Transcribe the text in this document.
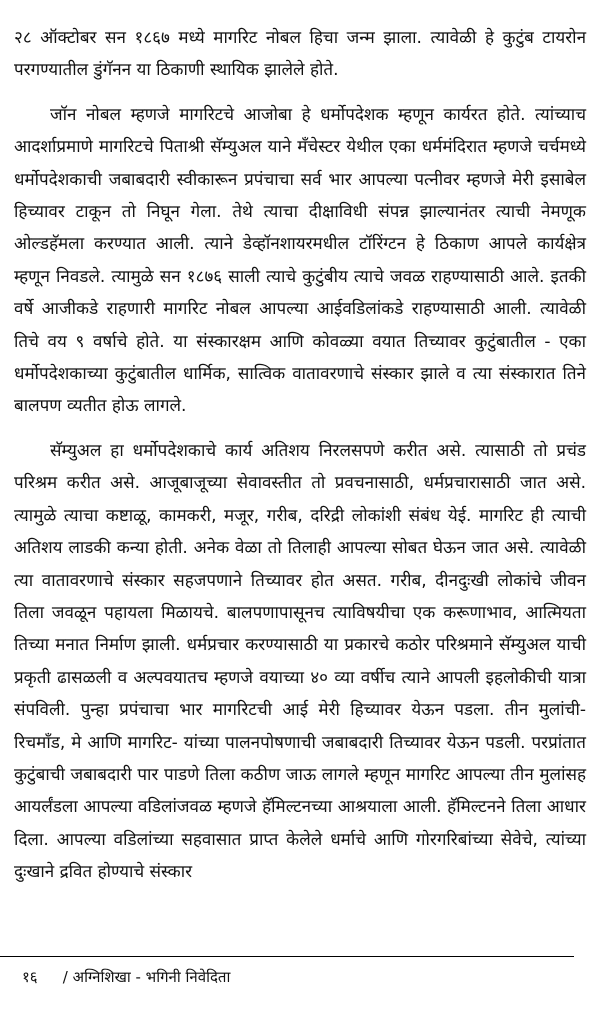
२८ ऑक्टोबर सन १८६७ मध्ये मागरिट नोबल हिचा जन्म झाला. त्यावेळी हे कुटुंब टायरोन परगण्यातील डुंगॅनन या ठिकाणी स्थायिक झालेले होते.

जॉन नोबल म्हणजे मागरिटचे आजोबा हे धर्मोपदेशक म्हणून कार्यरत होते. त्यांच्याच आदर्शाप्रमाणे मागरिटचे पिताश्री सॅम्युअल याने मॅंचेस्टर येथील एका धर्ममंदिरात म्हणजे चर्चमध्ये धर्मोपदेशकाची जबाबदारी स्वीकारून प्रपंचाचा सर्व भार आपल्या पत्नीवर म्हणजे मेरी इसाबेल हिच्यावर टाकून तो निघून गेला. तेथे त्याचा दीक्षाविधी संपन्न झाल्यानंतर त्याची नेमणूक ओल्डहॅमला करण्यात आली. त्याने डेव्हॉनशायरमधील टॉरिंग्टन हे ठिकाण आपले कार्यक्षेत्र म्हणून निवडले. त्यामुळे सन १८७६ साली त्याचे कुटुंबीय त्याचे जवळ राहण्यासाठी आले. इतकी वर्षे आजीकडे राहणारी मागरिट नोबल आपल्या आईवडिलांकडे राहण्यासाठी आली. त्यावेळी तिचे वय ९ वर्षाचे होते. या संस्कारक्षम आणि कोवळ्या वयात तिच्यावर कुटुंबातील - एका धर्मोपदेशकाच्या कुटुंबातील धार्मिक, सात्विक वातावरणाचे संस्कार झाले व त्या संस्कारात तिने बालपण व्यतीत होऊ लागले.

सॅम्युअल हा धर्मोपदेशकाचे कार्य अतिशय निरलसपणे करीत असे. त्यासाठी तो प्रचंड परिश्रम करीत असे. आजूबाजूच्या सेवावस्तीत तो प्रवचनासाठी, धर्मप्रचारासाठी जात असे. त्यामुळे त्याचा कष्टाळू, कामकरी, मजूर, गरीब, दरिद्री लोकांशी संबंध येई. मागरिट ही त्याची अतिशय लाडकी कन्या होती. अनेक वेळा तो तिलाही आपल्या सोबत घेऊन जात असे. त्यावेळी त्या वातावरणाचे संस्कार सहजपणाने तिच्यावर होत असत. गरीब, दीनदुःखी लोकांचे जीवन तिला जवळून पहायला मिळायचे. बालपणापासूनच त्याविषयीचा एक करूणाभाव, आत्मियता तिच्या मनात निर्माण झाली. धर्मप्रचार करण्यासाठी या प्रकारचे कठोर परिश्रमाने सॅम्युअल याची प्रकृती ढासळली व अल्पवयातच म्हणजे वयाच्या ४० व्या वर्षीच त्याने आपली इहलोकीची यात्रा संपविली. पुन्हा प्रपंचाचा भार मागरिटची आई मेरी हिच्यावर येऊन पडला. तीन मुलांची- रिचमॉंड, मे आणि मागरिट- यांच्या पालनपोषणाची जबाबदारी तिच्यावर येऊन पडली. परप्रांतात कुटुंबाची जबाबदारी पार पाडणे तिला कठीण जाऊ लागले म्हणून मागरिट आपल्या तीन मुलांसह आयर्लंडला आपल्या वडिलांजवळ म्हणजे हॅमिल्टनच्या आश्रयाला आली. हॅमिल्टनने तिला आधार दिला. आपल्या वडिलांच्या सहवासात प्राप्त केलेले धर्माचे आणि गोरगरिबांच्या सेवेचे, त्यांच्या दुःखाने द्रवित होण्याचे संस्कार

१६ / अग्निशिखा - भगिनी निवेदिता
